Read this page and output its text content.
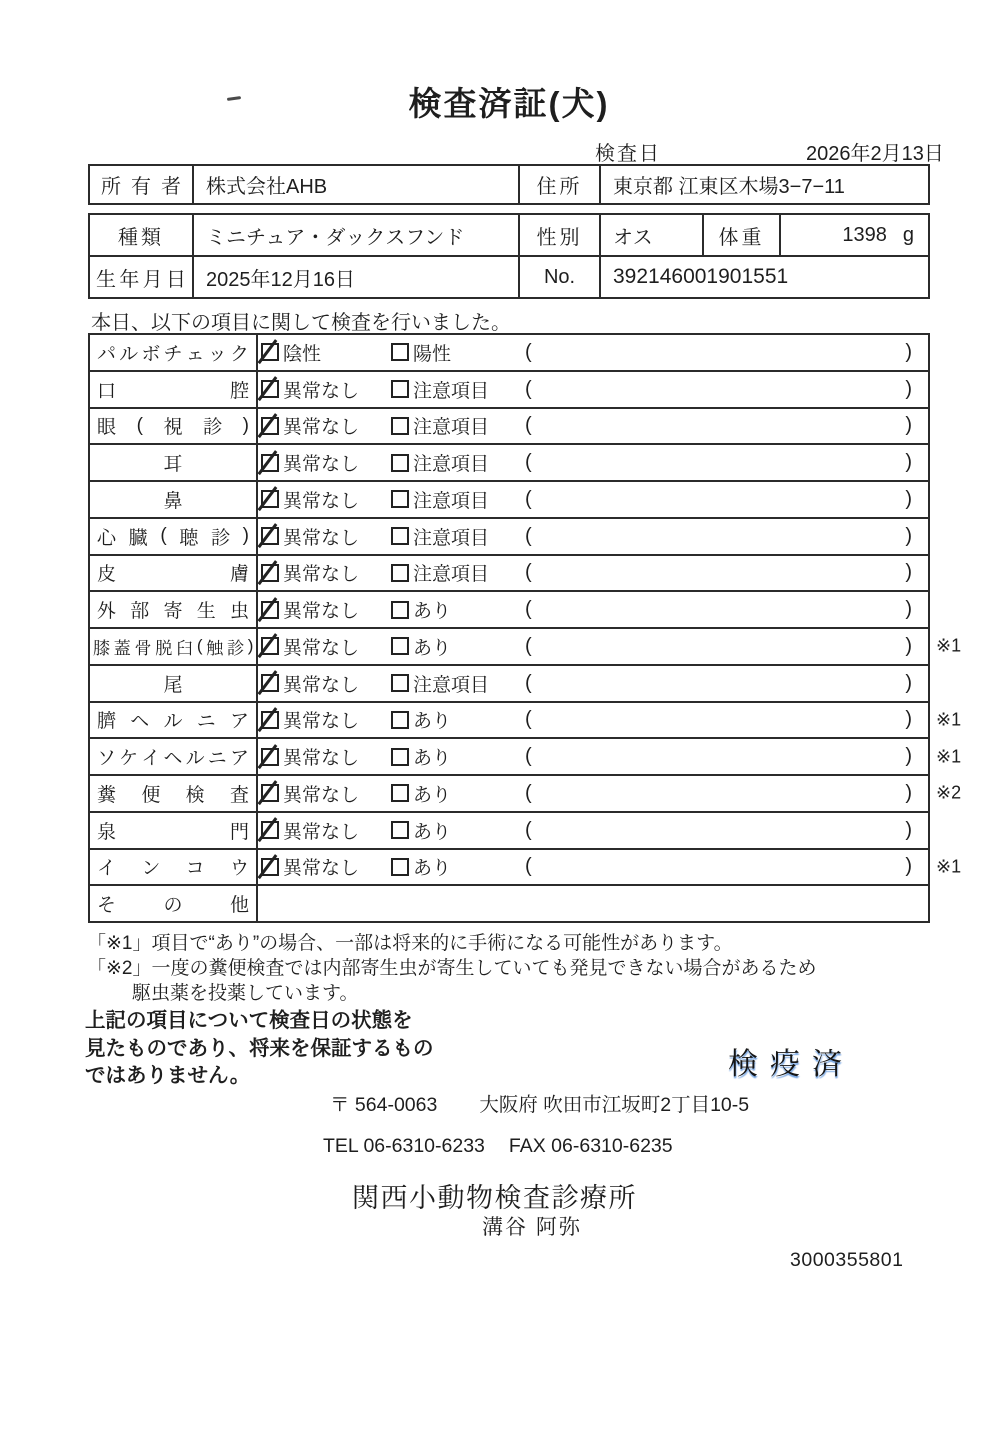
検査済証(犬)
検査日	2026年2月13日
所 有 者 株式会社AHB	住所 東京都 江東区木場3−7−11
種類 ミニチュア・ダックスフンド	性別 オス	体重	1398 g
生 年 月 日 2025年12月16日	No. 392146001901551
本日、以下の項目に関して検査を行いました。
パ ル ボ チ ェ ッ ク 陰性	陽性	(	)
口	腔 異常なし	注意項目 (	)
眼 ( 視 診 ) 異常なし	注意項目 (	)
耳	異常なし	注意項目 (	)
鼻	異常なし	注意項目 (	)
心 臓 ( 聴 診 ) 異常なし	注意項目 (	)
皮	膚 異常なし	注意項目 (	)
外 部 寄 生 虫 異常なし	あり	(	)
膝 蓋 骨 脱 臼 ( 触 診 ) 異常なし	あり	(	) ※1
尾	異常なし	注意項目 (	)
臍 ヘ ル ニ ア 異常なし	あり	(	) ※1
ソ ケ イ ヘ ル ニ ア 異常なし	あり	(	) ※1
糞 便 検 査 異常なし	あり	(	) ※2
泉	門 異常なし	あり	(	)
イ ン コ ウ 異常なし	あり	(	) ※1
そ の 他
「※1」項目で“あり”の場合、一部は将来的に手術になる可能性があります。
「※2」一度の糞便検査では内部寄生虫が寄生していても発見できない場合があるため
駆虫薬を投薬しています。
上記の項目について検査日の状態を
見たものであり、将来を保証するもの
ではありません。	検疫済
〒 564-0063 大阪府 吹田市江坂町2丁目10-5
TEL 06-6310-6233 FAX 06-6310-6235
関西小動物検査診療所
溝谷 阿弥
3000355801
